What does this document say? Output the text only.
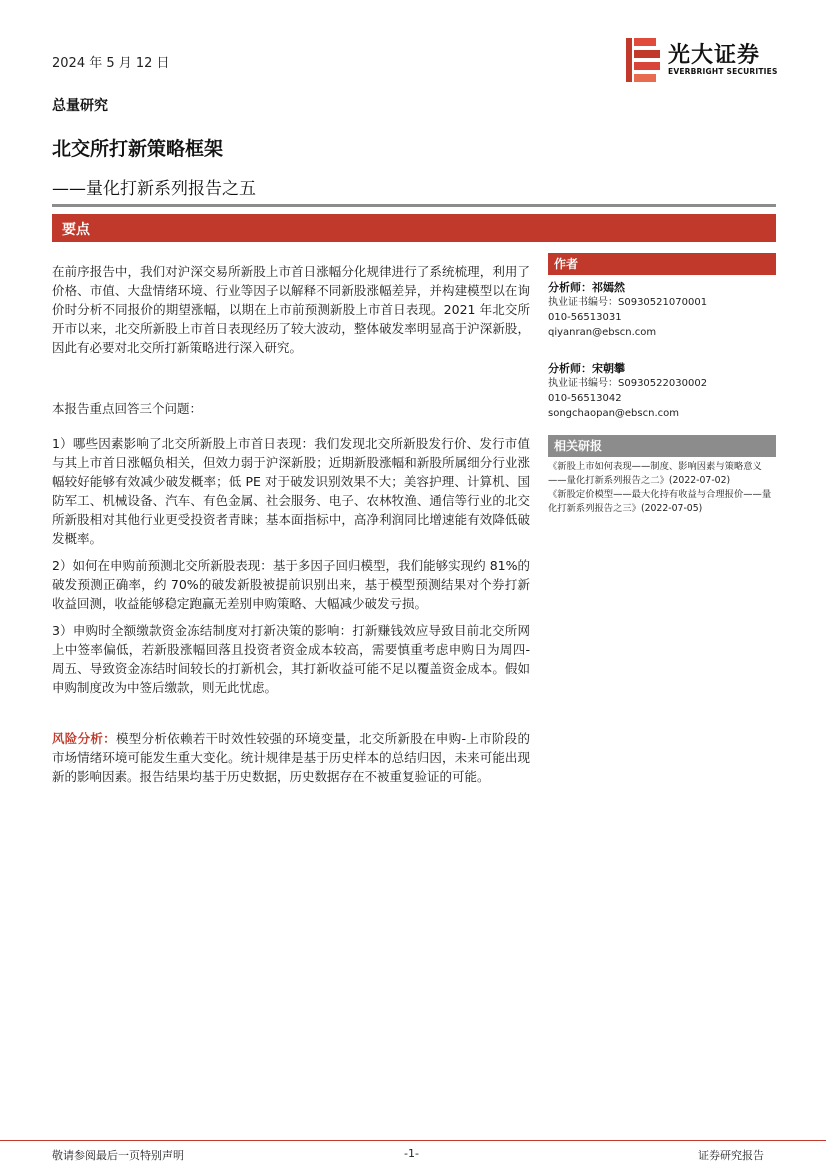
2024 年 5 月 12 日	光大证券
EVERBRIGHT SECURITIES
总量研究
北交所打新策略框架
——量化打新系列报告之五
要点

在前序报告中，我们对沪深交易所新股上市首日涨幅分化规律进行了系统梳理，利用了价格、市值、大盘情绪环境、行业等因子以解释不同新股涨幅差异，并构建模型以在询价时分析不同报价的期望涨幅，以期在上市前预测新股上市首日表现。2021 年北交所开市以来，北交所新股上市首日表现经历了较大波动，整体破发率明显高于沪深新股，因此有必要对北交所打新策略进行深入研究。

本报告重点回答三个问题：

1）哪些因素影响了北交所新股上市首日表现：我们发现北交所新股发行价、发行市值与其上市首日涨幅负相关，但效力弱于沪深新股；近期新股涨幅和新股所属细分行业涨幅较好能够有效减少破发概率；低 PE 对于破发识别效果不大；美容护理、计算机、国防军工、机械设备、汽车、有色金属、社会服务、电子、农林牧渔、通信等行业的北交所新股相对其他行业更受投资者青睐；基本面指标中，高净利润同比增速能有效降低破发概率。

2）如何在申购前预测北交所新股表现：基于多因子回归模型，我们能够实现约 81%的破发预测正确率，约 70%的破发新股被提前识别出来，基于模型预测结果对个券打新收益回测，收益能够稳定跑赢无差别申购策略、大幅减少破发亏损。

3）申购时全额缴款资金冻结制度对打新决策的影响：打新赚钱效应导致目前北交所网上中签率偏低，若新股涨幅回落且投资者资金成本较高，需要慎重考虑申购日为周四-周五、导致资金冻结时间较长的打新机会，其打新收益可能不足以覆盖资金成本。假如申购制度改为中签后缴款，则无此忧虑。

风险分析：模型分析依赖若干时效性较强的环境变量，北交所新股在申购-上市阶段的市场情绪环境可能发生重大变化。统计规律是基于历史样本的总结归因，未来可能出现新的影响因素。报告结果均基于历史数据，历史数据存在不被重复验证的可能。

作者
分析师：祁嫣然
执业证书编号：S0930521070001
010-56513031
qiyanran@ebscn.com
分析师：宋朝攀
执业证书编号：S0930522030002
010-56513042
songchaopan@ebscn.com
相关研报
《新股上市如何表现——制度、影响因素与策略意义——量化打新系列报告之二》(2022-07-02)
《新股定价模型——最大化持有收益与合理报价——量化打新系列报告之三》(2022-07-05)
敬请参阅最后一页特别声明	-1-	证券研究报告
